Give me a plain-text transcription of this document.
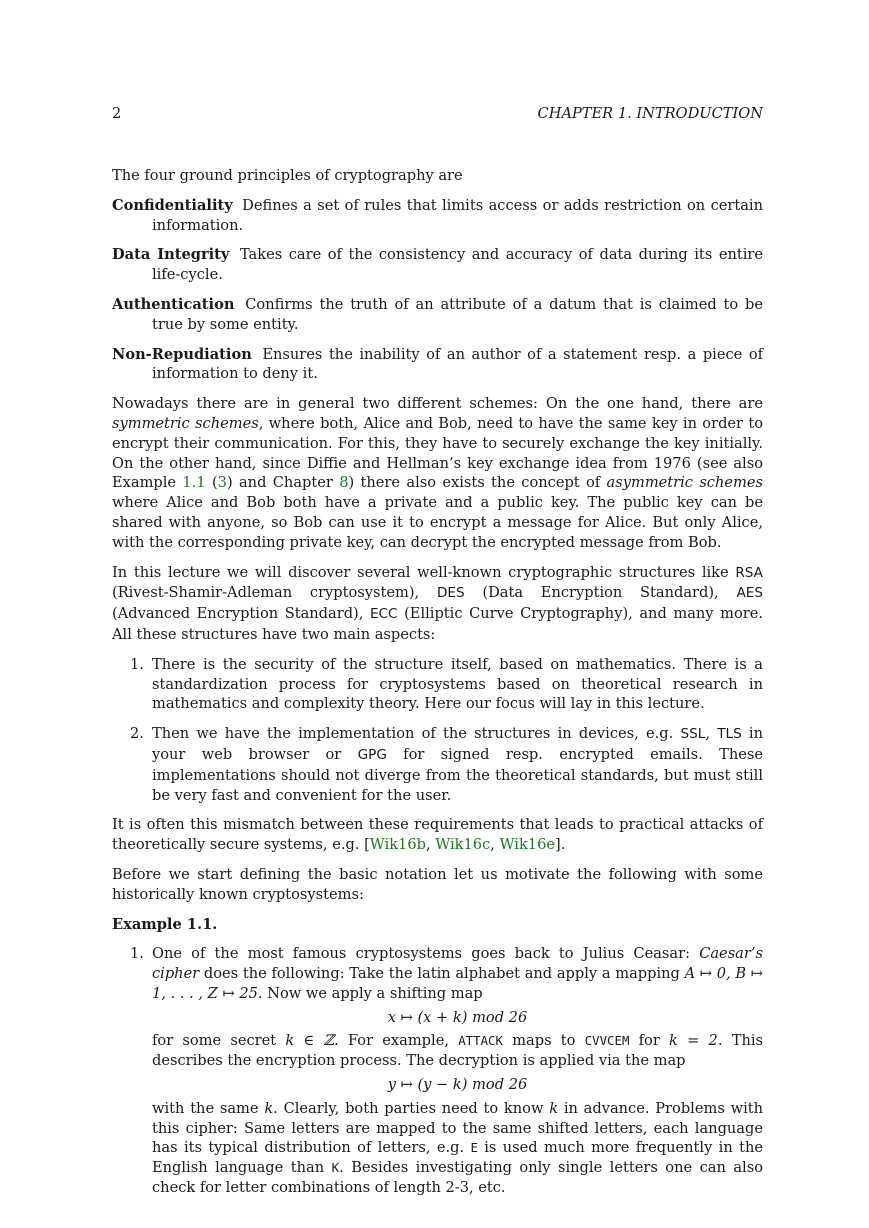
2	CHAPTER 1. INTRODUCTION

The four ground principles of cryptography are

Confidentiality Defines a set of rules that limits access or adds restriction on certain information.
Data Integrity Takes care of the consistency and accuracy of data during its entire life-cycle.
Authentication Confirms the truth of an attribute of a datum that is claimed to be true by some entity.
Non-Repudiation Ensures the inability of an author of a statement resp. a piece of information to deny it.

Nowadays there are in general two different schemes: On the one hand, there are symmetric schemes, where both, Alice and Bob, need to have the same key in order to encrypt their communication. For this, they have to securely exchange the key initially. On the other hand, since Diffie and Hellman’s key exchange idea from 1976 (see also Example 1.1 (3) and Chapter 8) there also exists the concept of asymmetric schemes where Alice and Bob both have a private and a public key. The public key can be shared with anyone, so Bob can use it to encrypt a message for Alice. But only Alice, with the corresponding private key, can decrypt the encrypted message from Bob.

In this lecture we will discover several well-known cryptographic structures like RSA (Rivest-Shamir-Adleman cryptosystem), DES (Data Encryption Standard), AES (Advanced Encryption Standard), ECC (Elliptic Curve Cryptography), and many more. All these structures have two main aspects:

1. There is the security of the structure itself, based on mathematics. There is a standardization process for cryptosystems based on theoretical research in mathematics and complexity theory. Here our focus will lay in this lecture.
2. Then we have the implementation of the structures in devices, e.g. SSL, TLS in your web browser or GPG for signed resp. encrypted emails. These implementations should not diverge from the theoretical standards, but must still be very fast and convenient for the user.

It is often this mismatch between these requirements that leads to practical attacks of theoretically secure systems, e.g. [Wik16b, Wik16c, Wik16e].

Before we start defining the basic notation let us motivate the following with some historically known cryptosystems:

Example 1.1.

1. One of the most famous cryptosystems goes back to Julius Ceasar: Caesar’s cipher does the following: Take the latin alphabet and apply a mapping A ↦ 0, B ↦ 1, . . . , Z ↦ 25. Now we apply a shifting map
x ↦ (x + k) mod 26
for some secret k ∈ ℤ. For example, ATTACK maps to CVVCEM for k = 2. This describes the encryption process. The decryption is applied via the map
y ↦ (y − k) mod 26
with the same k. Clearly, both parties need to know k in advance. Problems with this cipher: Same letters are mapped to the same shifted letters, each language has its typical distribution of letters, e.g. E is used much more frequently in the English language than K. Besides investigating only single letters one can also check for letter combinations of length 2-3, etc.
